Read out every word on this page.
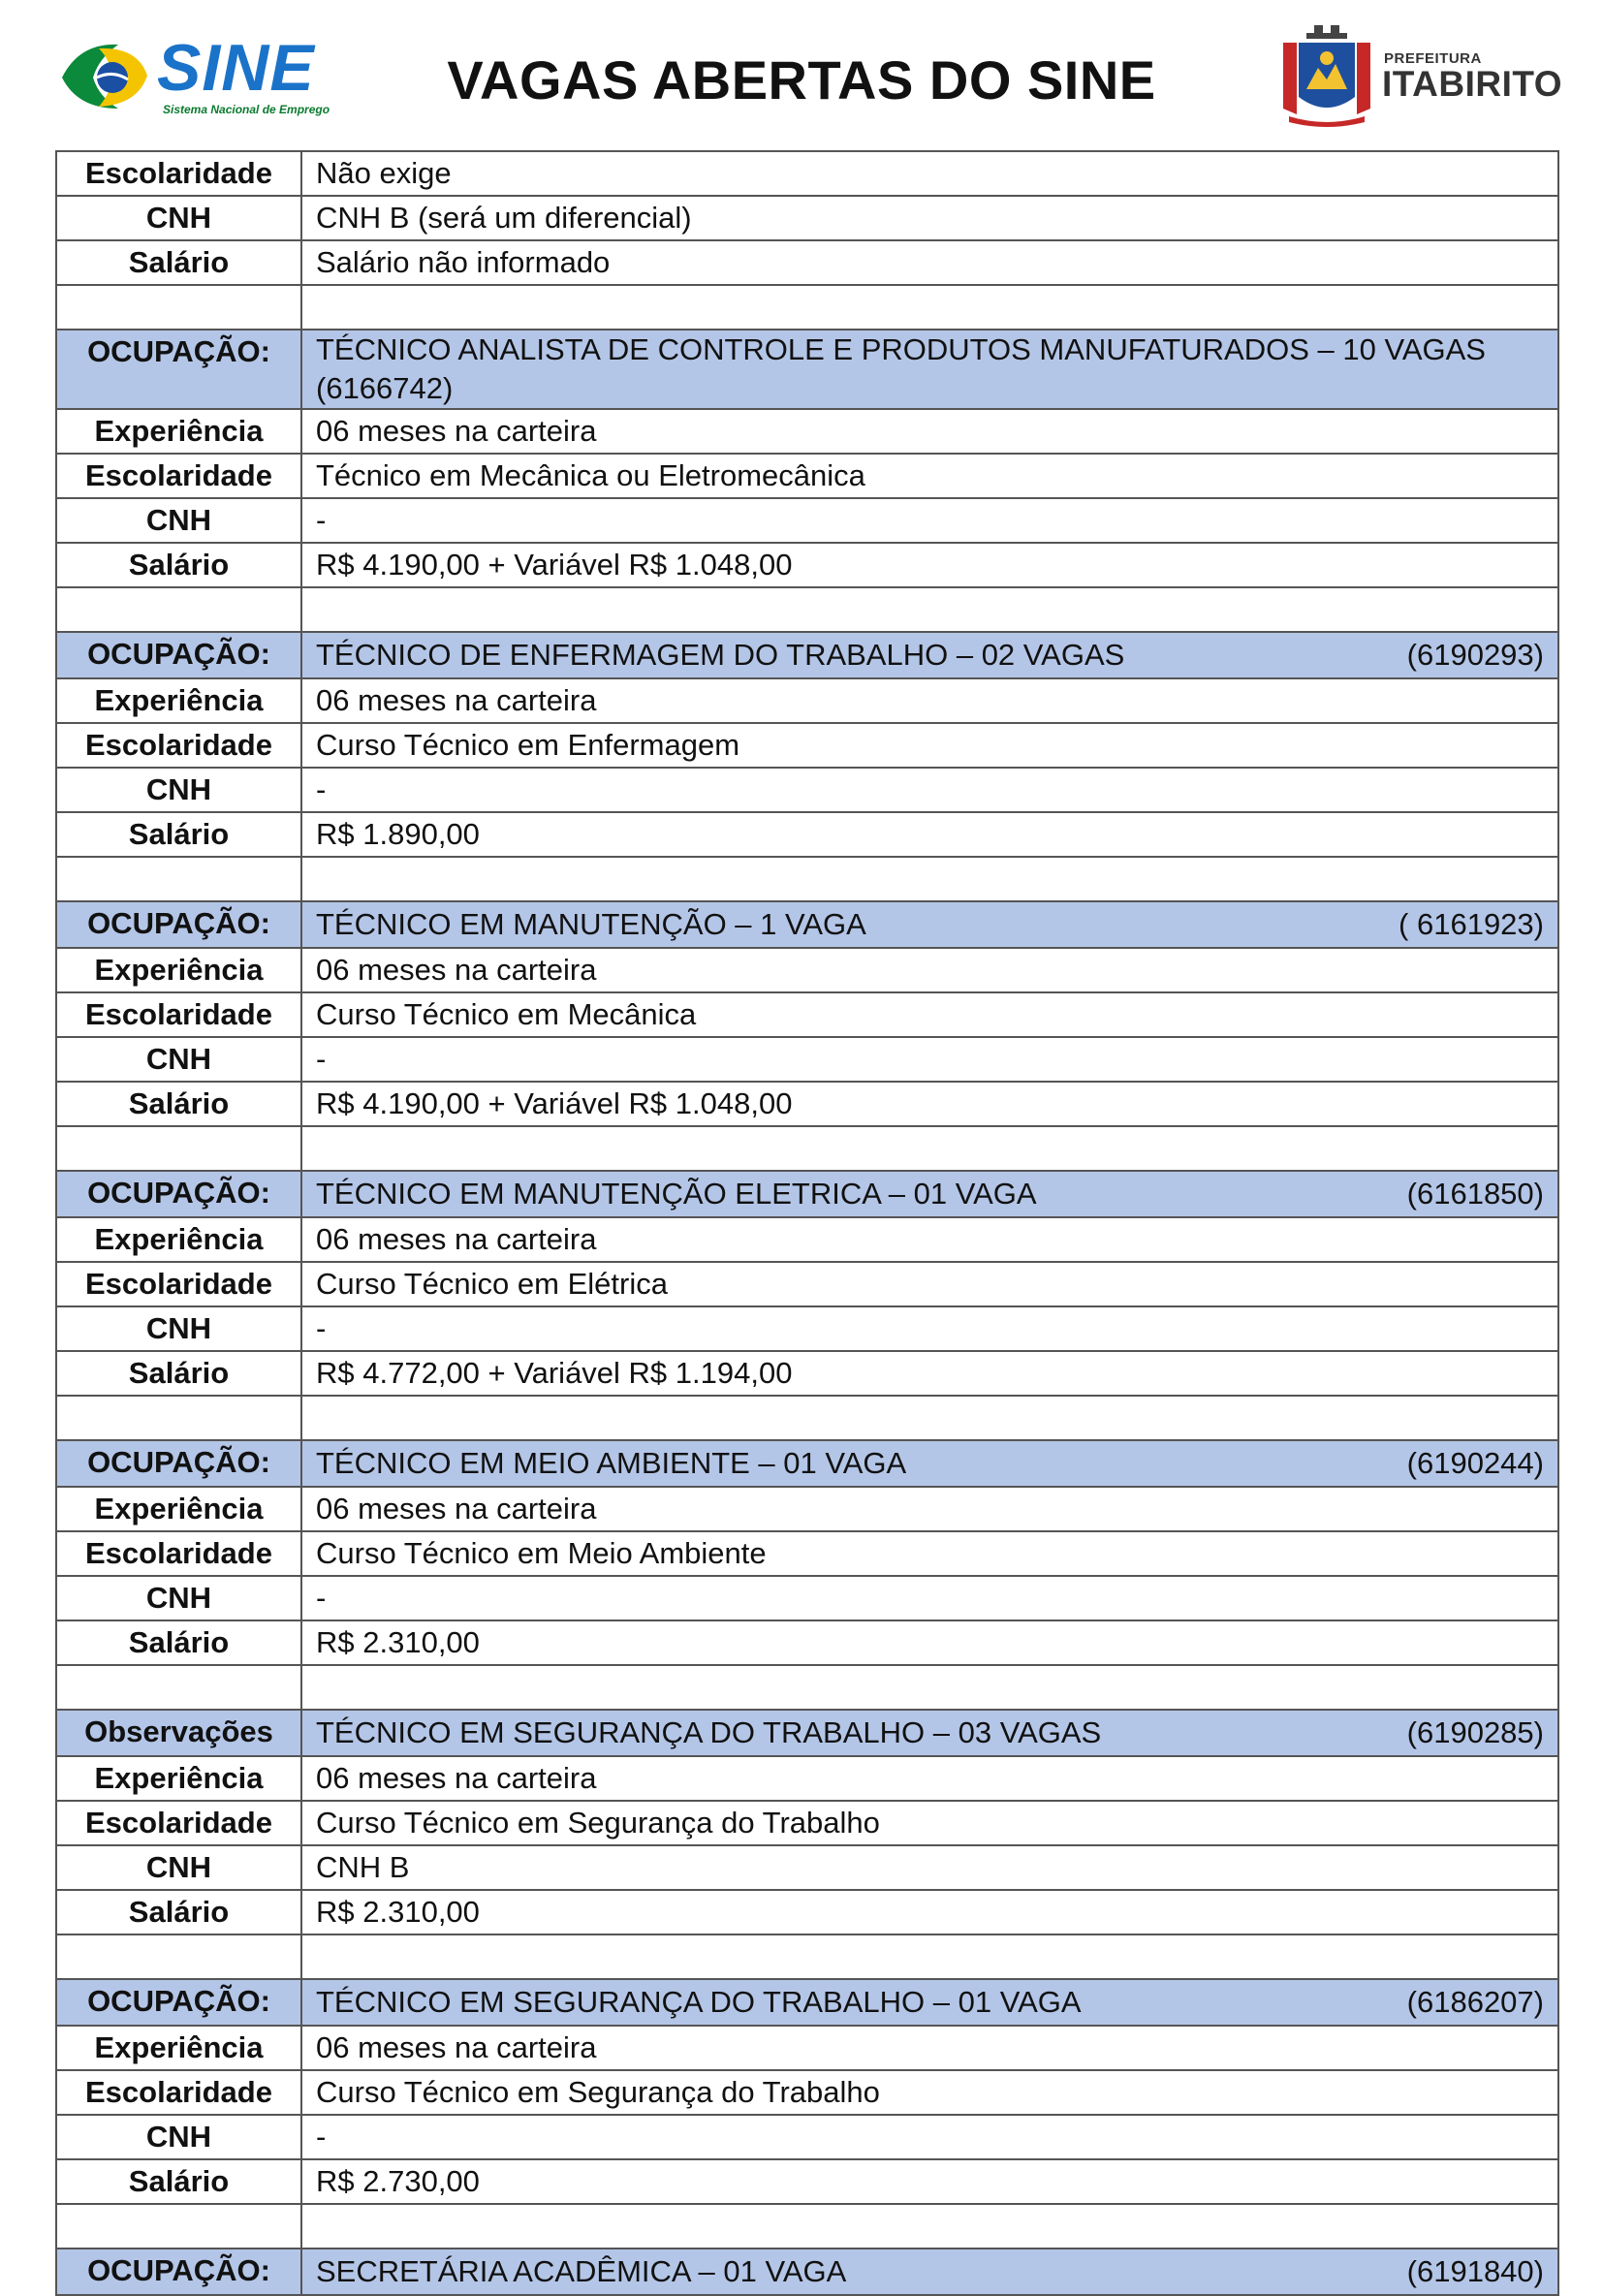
SINE
Sistema Nacional de Emprego	VAGAS ABERTAS DO SINE	PREFEITURA
ITABIRITO
Escolaridade	Não exige
CNH	CNH B (será um diferencial)
Salário	Salário não informado

OCUPAÇÃO:	TÉCNICO ANALISTA DE CONTROLE E PRODUTOS MANUFATURADOS – 10 VAGAS (6166742)

Experiência	06 meses na carteira
Escolaridade	Técnico em Mecânica ou Eletromecânica
CNH	-
Salário	R$ 4.190,00 + Variável R$ 1.048,00

OCUPAÇÃO:	TÉCNICO DE ENFERMAGEM DO TRABALHO – 02 VAGAS (6190293)

Experiência	06 meses na carteira
Escolaridade	Curso Técnico em Enfermagem
CNH	-
Salário	R$ 1.890,00

OCUPAÇÃO:	TÉCNICO EM MANUTENÇÃO – 1 VAGA ( 6161923)

Experiência	06 meses na carteira
Escolaridade	Curso Técnico em Mecânica
CNH	-
Salário	R$ 4.190,00 + Variável R$ 1.048,00

OCUPAÇÃO:	TÉCNICO EM MANUTENÇÃO ELETRICA – 01 VAGA (6161850)

Experiência	06 meses na carteira
Escolaridade	Curso Técnico em Elétrica
CNH	-
Salário	R$ 4.772,00 + Variável R$ 1.194,00

OCUPAÇÃO:	TÉCNICO EM MEIO AMBIENTE – 01 VAGA (6190244)

Experiência	06 meses na carteira
Escolaridade	Curso Técnico em Meio Ambiente
CNH	-
Salário	R$ 2.310,00

Observações	TÉCNICO EM SEGURANÇA DO TRABALHO – 03 VAGAS (6190285)

Experiência	06 meses na carteira
Escolaridade	Curso Técnico em Segurança do Trabalho
CNH	CNH B
Salário	R$ 2.310,00

OCUPAÇÃO:	TÉCNICO EM SEGURANÇA DO TRABALHO – 01 VAGA (6186207)

Experiência	06 meses na carteira
Escolaridade	Curso Técnico em Segurança do Trabalho
CNH	-
Salário	R$ 2.730,00

OCUPAÇÃO:	SECRETÁRIA ACADÊMICA – 01 VAGA (6191840)
